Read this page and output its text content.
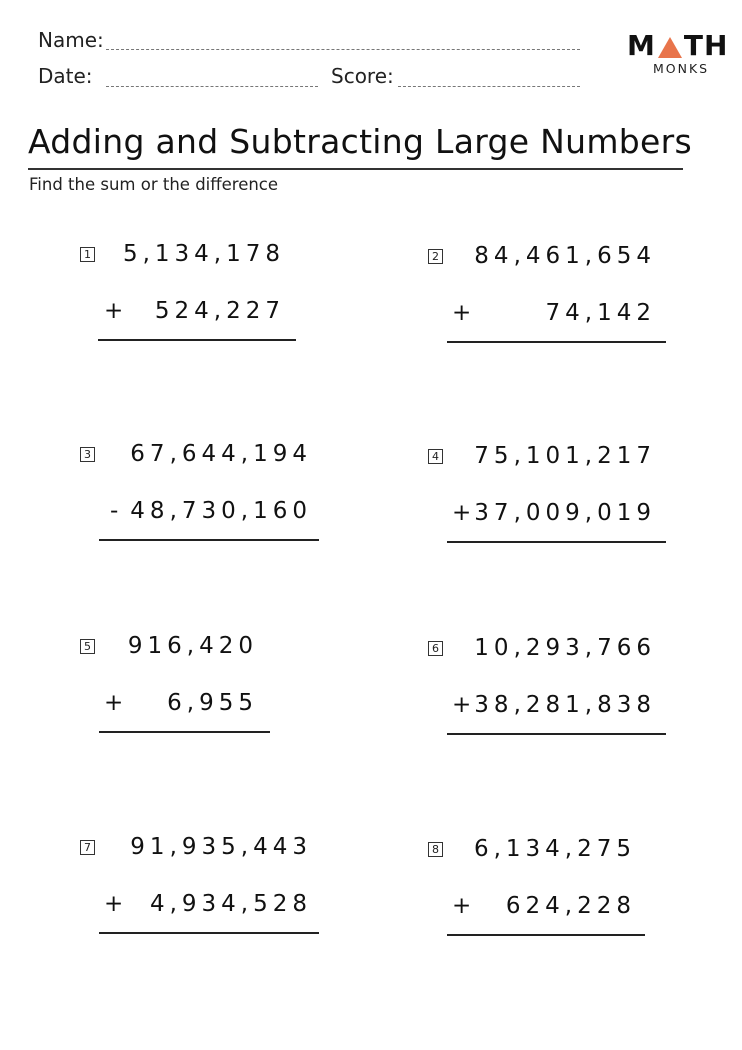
Name:
Date:	Score:
M TH
MONKS
Adding and Subtracting Large Numbers
Find the sum or the difference
1 5,134,178
+ 524,227
2 84,461,654
+	74,142
3 67,644,194
- 48,730,160
4 75,101,217
+ 37,009,019
5 916,420
+ 6,955
6 10,293,766
+ 38,281,838
7 91,935,443
+ 4,934,528
8 6,134,275
+ 624,228
